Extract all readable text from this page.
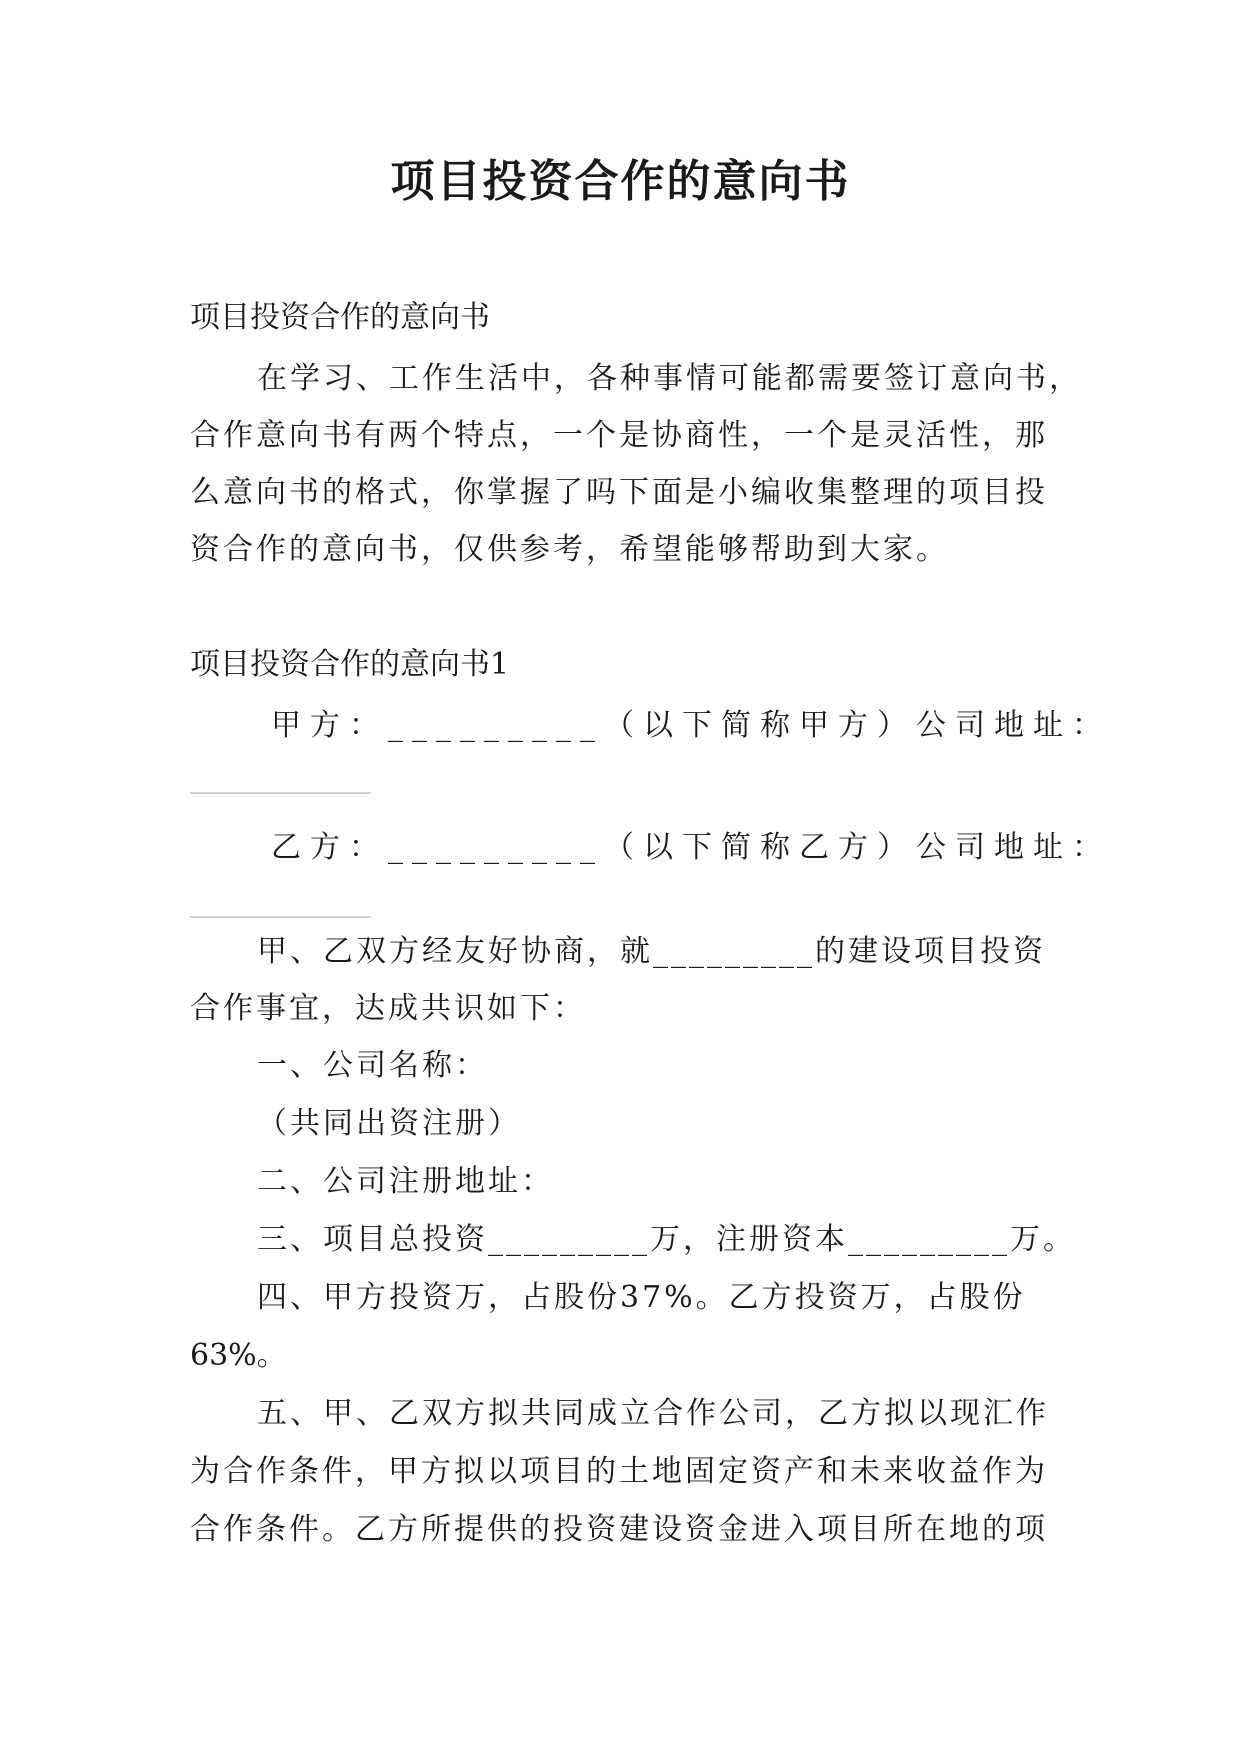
项目投资合作的意向书
项目投资合作的意向书
在学习、工作生活中，各种事情可能都需要签订意向书，
合作意向书有两个特点，一个是协商性，一个是灵活性，那
么意向书的格式，你掌握了吗下面是小编收集整理的项目投
资合作的意向书，仅供参考，希望能够帮助到大家。
项目投资合作的意向书1
甲方：_________（以下简称甲方）公司地址：
__________________
乙方：_________（以下简称乙方）公司地址：
__________________
甲、乙双方经友好协商，就_________的建设项目投资
合作事宜，达成共识如下：
一、公司名称：
（共同出资注册）
二、公司注册地址：
三、项目总投资_________万，注册资本_________万。
四、甲方投资万，占股份37%。乙方投资万，占股份
63%。
五、甲、乙双方拟共同成立合作公司，乙方拟以现汇作
为合作条件，甲方拟以项目的土地固定资产和未来收益作为
合作条件。乙方所提供的投资建设资金进入项目所在地的项
